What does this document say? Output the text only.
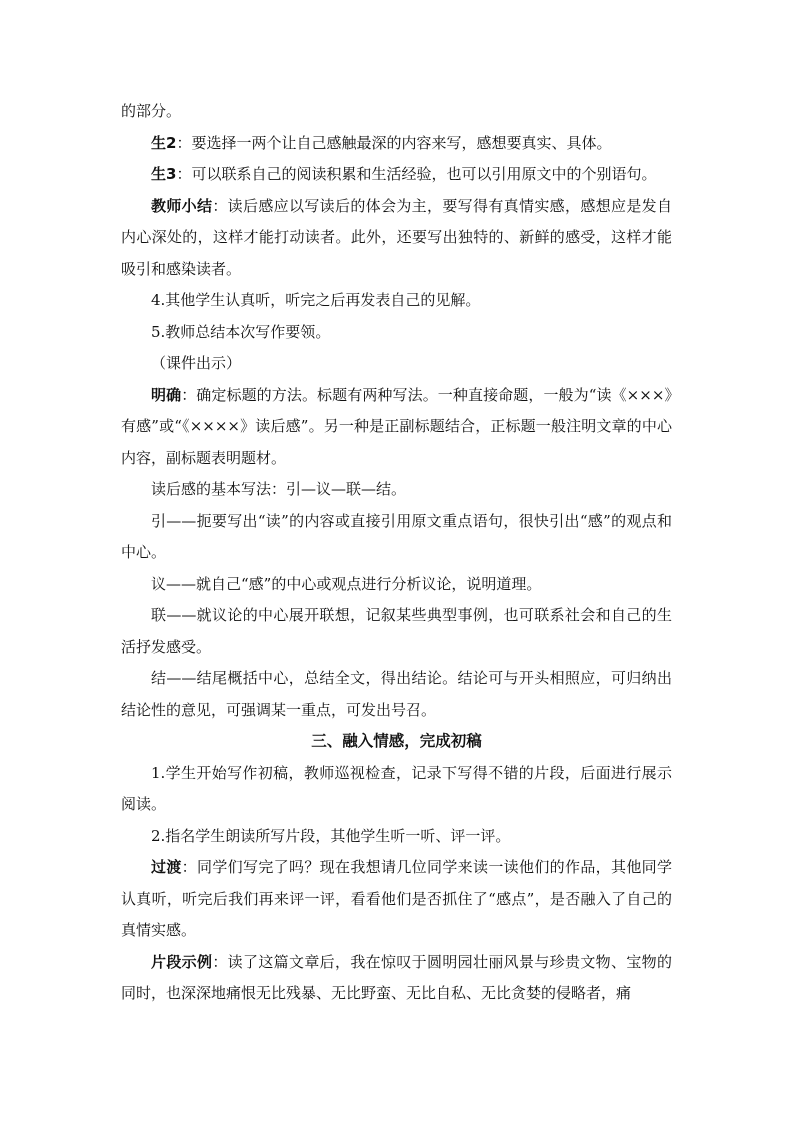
的部分。

生2：要选择一两个让自己感触最深的内容来写，感想要真实、具体。

生3：可以联系自己的阅读积累和生活经验，也可以引用原文中的个别语句。

教师小结：读后感应以写读后的体会为主，要写得有真情实感，感想应是发自内心深处的，这样才能打动读者。此外，还要写出独特的、新鲜的感受，这样才能吸引和感染读者。

4.其他学生认真听，听完之后再发表自己的见解。

5.教师总结本次写作要领。

（课件出示）

明确：确定标题的方法。标题有两种写法。一种直接命题，一般为“读《×××》有感”或“《××××》读后感”。另一种是正副标题结合，正标题一般注明文章的中心内容，副标题表明题材。

读后感的基本写法：引—议—联—结。

引——扼要写出“读”的内容或直接引用原文重点语句，很快引出“感”的观点和中心。

议——就自己“感”的中心或观点进行分析议论，说明道理。

联——就议论的中心展开联想，记叙某些典型事例，也可联系社会和自己的生活抒发感受。

结——结尾概括中心，总结全文，得出结论。结论可与开头相照应，可归纳出结论性的意见，可强调某一重点，可发出号召。

三、融入情感，完成初稿

1.学生开始写作初稿，教师巡视检查，记录下写得不错的片段，后面进行展示阅读。

2.指名学生朗读所写片段，其他学生听一听、评一评。

过渡：同学们写完了吗？现在我想请几位同学来读一读他们的作品，其他同学认真听，听完后我们再来评一评，看看他们是否抓住了“感点”，是否融入了自己的真情实感。

片段示例：读了这篇文章后，我在惊叹于圆明园壮丽风景与珍贵文物、宝物的同时，也深深地痛恨无比残暴、无比野蛮、无比自私、无比贪婪的侵略者，痛
